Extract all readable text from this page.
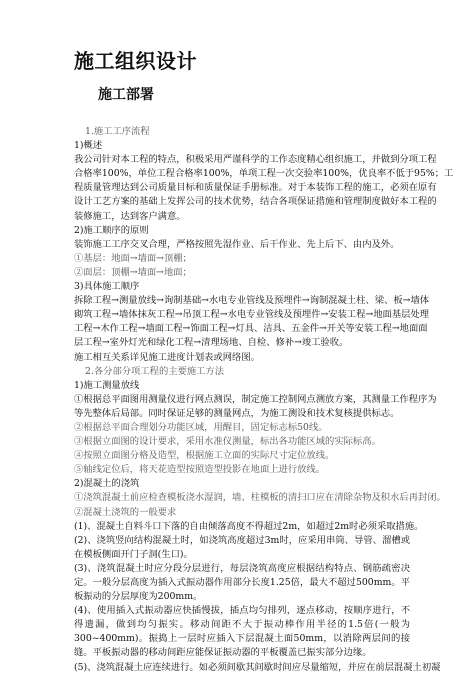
施工组织设计
施工部署
1.施工工序流程
1)概述
我公司针对本工程的特点，积极采用严谨科学的工作态度精心组织施工，并做到分项工程
合格率100%，单位工程合格率100%，单项工程一次交验率100%，优良率不低于95%；工
程质量管理达到公司质量目标和质量保证手册标准。对于本装饰工程的施工，必须在原有
设计工艺方案的基础上发挥公司的技术优势，结合各项保证措施和管理制度做好本工程的
装修施工，达到客户满意。
2)施工顺序的原则
装饰施工工序交叉合理，严格按照先湿作业、后干作业、先上后下、由内及外。
①基层：地面→墙面→顶棚；
②面层：顶棚→墙面→地面；
3)具体施工顺序
拆除工程→测量放线→询制基础→水电专业管线及预埋件→询制混凝土柱、梁、板→墙体
砌筑工程→墙体抹灰工程→吊顶工程→水电专业管线及预埋件→安装工程→地面基层处理
工程→木作工程→墙面工程→饰面工程→灯具、洁具、五金件→开关等安装工程→地面面
层工程→室外灯光和绿化工程→清理场地、自检、修补→竣工验收。
施工相互关系详见施工进度计划表或网络图。
2.各分部分项工程的主要施工方法
1)施工测量放线
①根据总平面图用测量仪进行网点测误，制定施工控制网点测放方案，其测量工作程序为
等先整体后局部。同时保证足够的测量网点，为施工测设和技术复核提供标志。
②根据总平面合理划分功能区域，用醒目，固定标志标50线。
③根据立面图的设计要求，采用水准仪测量，标出各功能区域的实际标高。
④按照立面图分格及造型，根据施工立面的实际尺寸定位放线。
⑤轴线定位后，将天花造型按照造型投影在地面上进行放线。
2)混凝土的浇筑
①浇筑混凝土前应检查模板浇水湿润，墙、柱模板的清扫口应在清除杂物及积水后再封闭。
②混凝土浇筑的一般要求
(1)、混凝土自料斗口下落的自由倾落高度不得超过2m，如超过2m时必须采取措施。
(2)、浇筑竖向结构混凝土时，如浇筑高度超过3m时，应采用串筒、导管、溜槽或在模板侧面开门子洞(生口)。
(3)、浇筑混凝土时应分段分层进行，每层浇筑高度应根据结构特点、钢筋疏密决定。一般分层高度为插入式振动器作用部分长度1.25倍，最大不超过500mm。平板振动的分层厚度为200mm。
(4)、使用插入式振动器应快插慢拔，插点均匀排列，逐点移动，按顺序进行，不得遗漏，做到均匀振实。移动间距不大于振动棒作用半径的1.5倍(一般为300~400mm)。振捣上一层时应插入下层混凝土面50mm，以消除两层间的接缝。平板振动器的移动间距应能保证振动器的平板覆盖已振实部分边缘。
(5)、浇筑混凝土应连续进行。如必须间歇其间歇时间应尽量缩短，并应在前层混凝土初凝
